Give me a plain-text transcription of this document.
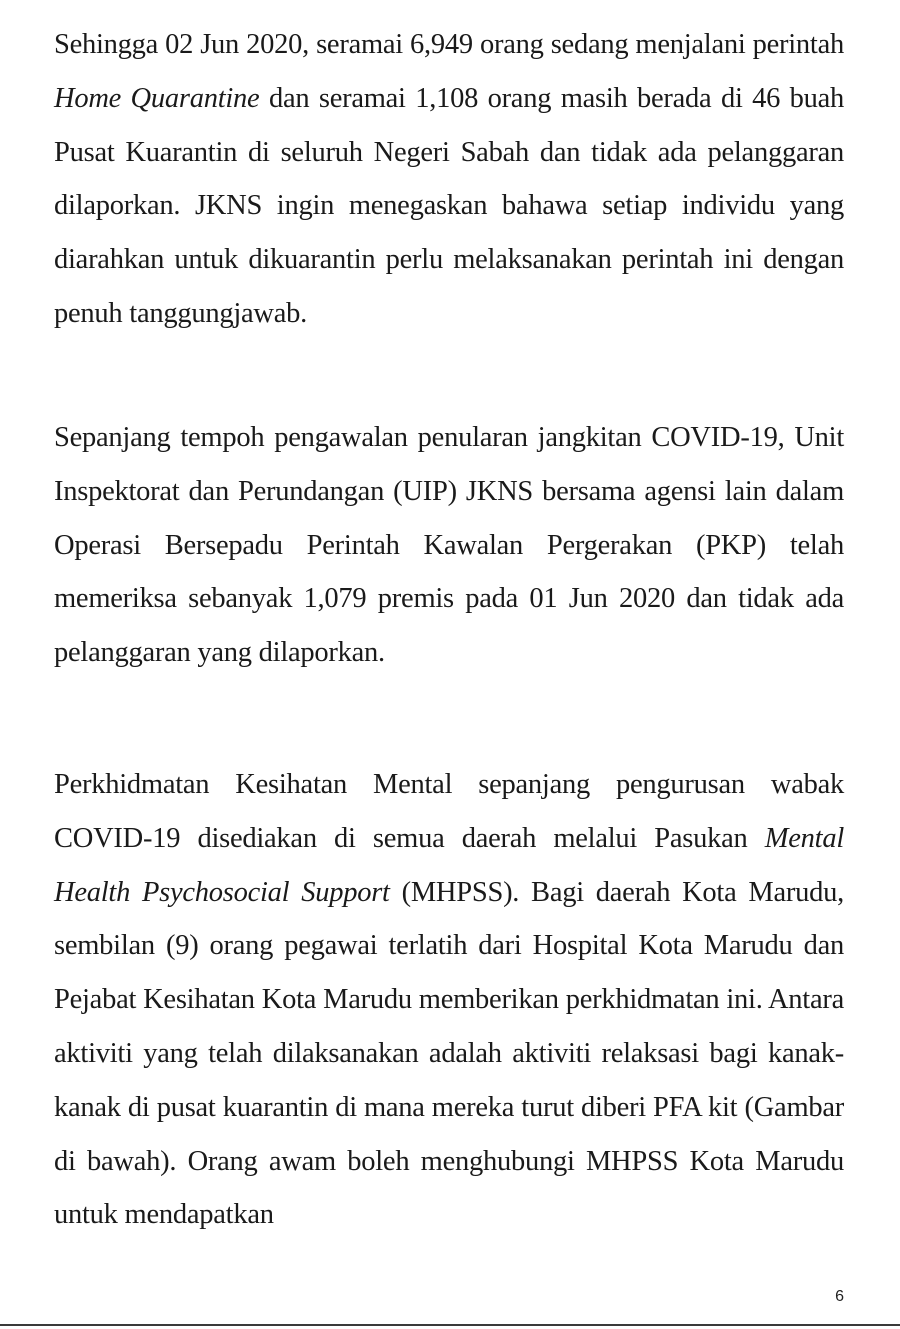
Sehingga 02 Jun 2020, seramai 6,949 orang sedang menjalani perintah Home Quarantine dan seramai 1,108 orang masih berada di 46 buah Pusat Kuarantin di seluruh Negeri Sabah dan tidak ada pelanggaran dilaporkan. JKNS ingin menegaskan bahawa setiap individu yang diarahkan untuk dikuarantin perlu melaksanakan perintah ini dengan penuh tanggungjawab.

Sepanjang tempoh pengawalan penularan jangkitan COVID-19, Unit Inspektorat dan Perundangan (UIP) JKNS bersama agensi lain dalam Operasi Bersepadu Perintah Kawalan Pergerakan (PKP) telah memeriksa sebanyak 1,079 premis pada 01 Jun 2020 dan tidak ada pelanggaran yang dilaporkan.

Perkhidmatan Kesihatan Mental sepanjang pengurusan wabak COVID-19 disediakan di semua daerah melalui Pasukan Mental Health Psychosocial Support (MHPSS). Bagi daerah Kota Marudu, sembilan (9) orang pegawai terlatih dari Hospital Kota Marudu dan Pejabat Kesihatan Kota Marudu memberikan perkhidmatan ini. Antara aktiviti yang telah dilaksanakan adalah aktiviti relaksasi bagi kanak-kanak di pusat kuarantin di mana mereka turut diberi PFA kit (Gambar di bawah). Orang awam boleh menghubungi MHPSS Kota Marudu untuk mendapatkan

6
